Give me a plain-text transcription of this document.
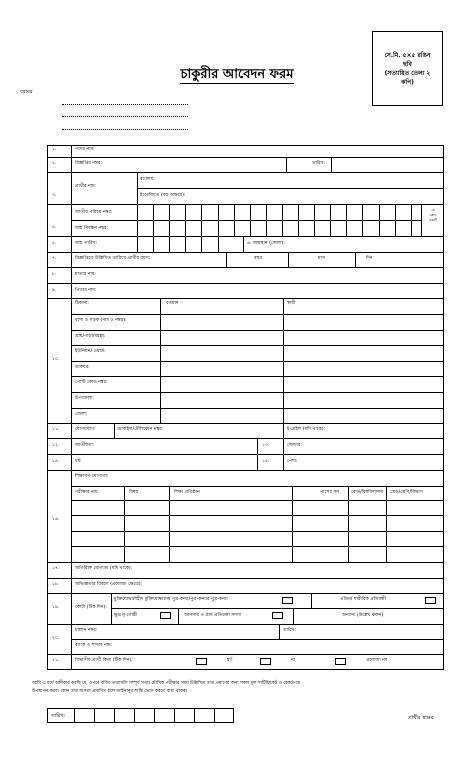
সে.মি. ৫×৫ রঙিন
ছবি
(সত্যায়িত তেলা ২
কপি)
চাকুরীর আবেদন ফরম
বরাবর
১.	পদের নাম:
২.	বিজ্ঞপ্তির নম্বর:	তারিখ:
৩.
প্রার্থীর নাম:
বাংলায়:
ইংরেজিতে (বড় অক্ষরে):
৪.
জাতীয় পরিচয় নম্বর:
জন্ম নিবন্ধন নম্বর:
যে
কোন
একটি
৫.	জন্ম তারিখ:	৬. জন্মস্থান (জেলা):
৭.	বিজ্ঞপ্তিতে উল্লিখিত তারিখে প্রার্থীর বয়স:	বছর	মাস	দিন
৮.	মাতার নাম:
৯.	পিতার নাম:
১০.
ঠিকানা:	বর্তমান	স্থায়ী
বাসা ও সড়ক (নাম ও নম্বর):
গ্রাম/পাড়া/মহল্লা:
ইউনিয়ন/ ওয়ার্ড:
ডাকঘর:
পোস্ট কোড নম্বর:
উপজেলা:
জেলা:
১১.	যোগাযোগ:	মোবাইল/টেলিফোন নম্বর:	ই-মেইল (যদি থাকে):
১২.	জাতীয়তা:	১৩.	জেন্ডার:
১৪.	ধর্ম:	১৫.	পেশা:
১৬.
শিক্ষাগত যোগ্যতা:
পরীক্ষার নাম	বিষয়	শিক্ষা প্রতিষ্ঠান	পাসের সন	বোর্ড/বিশ্ববিদ্যালয় গ্রেড/শ্রেণি/বিভাগ
১৭.	অতিরিক্ত যোগ্যতা (যদি থাকে):
১৮.	অভিজ্ঞতার বিবরণ (প্রযোজ্য ক্ষেত্রে):
১৯.	কোটা (টিক দিন):
মুক্তিযোদ্ধা/শহীদ মুক্তিযোদ্ধাদের পুত্র-কন্যা/পুত্র-কন্যার পুত্র-কন্যা	এতিম/ শারীরিক প্রতিবন্ধী
ক্ষুদ্র নৃ-গোষ্ঠী	আনসার ও গ্রাম প্রতিরক্ষা সদস্য	অন্যান্য (উল্লেখ করুন)
২০.
চালান নম্বর:	তারিখ:
ব্যাংক ও শাখার নাম:
২১.	বিভাগীয় প্রার্থী কিনা (টিক দিন):	হ্যাঁ	না	প্রযোজ্য নয়
আমি এ মর্মে অঙ্গীকার করছি যে, ওপরে বর্ণিত তথ্যাবলি সম্পূর্ণ সত্য। মৌখিক পরীক্ষার সময় উল্লিখিত তথ্য প্রমাণের জন্য সকল মূল সার্টিফিকেট ও রেকর্ডপত্র
উপস্থাপন করব। কোন তথ্য অসত্য প্রমাণিত হলে আইনানুগ শাস্তি ভোগ করতে বাধ্য থাকব।
তারিখ:	প্রার্থীর স্বাক্ষর
